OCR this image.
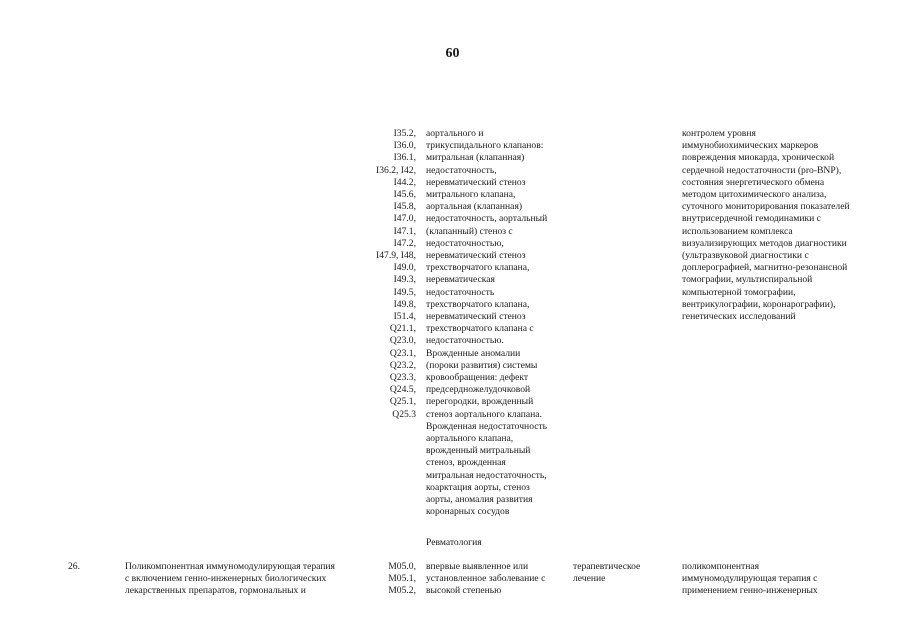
60
I35.2,
I36.0,
I36.1,
I36.2, I42,
I44.2,
I45.6,
I45.8,
I47.0,
I47.1,
I47.2,
I47.9, I48,
I49.0,
I49.3,
I49.5,
I49.8,
I51.4,
Q21.1,
Q23.0,
Q23.1,
Q23.2,
Q23.3,
Q24.5,
Q25.1,
Q25.3
аортального и
трикуспидального клапанов:
митральная (клапанная)
недостаточность,
неревматический стеноз
митрального клапана,
аортальная (клапанная)
недостаточность, аортальный
(клапанный) стеноз с
недостаточностью,
неревматический стеноз
трехстворчатого клапана,
неревматическая
недостаточность
трехстворчатого клапана,
неревматический стеноз
трехстворчатого клапана с
недостаточностью.
Врожденные аномалии
(пороки развития) системы
кровообращения: дефект
предсердножелудочковой
перегородки, врожденный
стеноз аортального клапана.
Врожденная недостаточность
аортального клапана,
врожденный митральный
стеноз, врожденная
митральная недостаточность,
коарктация аорты, стеноз
аорты, аномалия развития
коронарных сосудов
контролем уровня
иммунобиохимических маркеров
повреждения миокарда, хронической
сердечной недостаточности (pro-BNP),
состояния энергетического обмена
методом цитохимического анализа,
суточного мониторирования показателей
внутрисердечной гемодинамики с
использованием комплекса
визуализирующих методов диагностики
(ультразвуковой диагностики с
доплерографией, магнитно-резонансной
томографии, мультиспиральной
компьютерной томографии,
вентрикулографии, коронарографии),
генетических исследований
Ревматология
26.	Поликомпонентная иммуномодулирующая терапия
с включением генно-инженерных биологических
лекарственных препаратов, гормональных и
M05.0,
M05.1,
M05.2,
впервые выявленное или
установленное заболевание с
высокой степенью
терапевтическое
лечение
поликомпонентная
иммуномодулирующая терапия с
применением генно-инженерных
